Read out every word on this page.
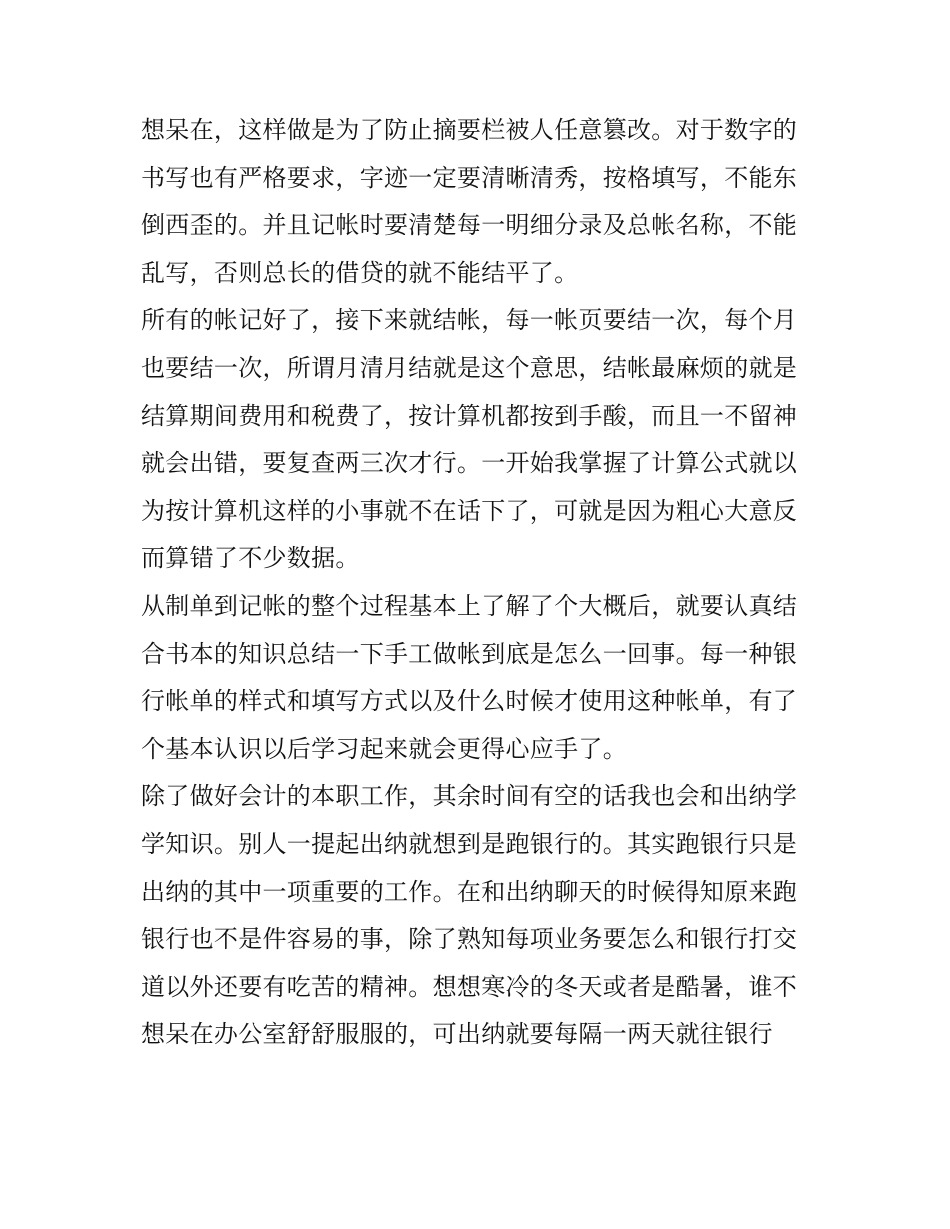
想呆在，这样做是为了防止摘要栏被人任意篡改。对于数字的
书写也有严格要求，字迹一定要清晰清秀，按格填写，不能东
倒西歪的。并且记帐时要清楚每一明细分录及总帐名称，不能
乱写，否则总长的借贷的就不能结平了。
所有的帐记好了，接下来就结帐，每一帐页要结一次，每个月
也要结一次，所谓月清月结就是这个意思，结帐最麻烦的就是
结算期间费用和税费了，按计算机都按到手酸，而且一不留神
就会出错，要复查两三次才行。一开始我掌握了计算公式就以
为按计算机这样的小事就不在话下了，可就是因为粗心大意反
而算错了不少数据。
从制单到记帐的整个过程基本上了解了个大概后，就要认真结
合书本的知识总结一下手工做帐到底是怎么一回事。每一种银
行帐单的样式和填写方式以及什么时候才使用这种帐单，有了
个基本认识以后学习起来就会更得心应手了。
除了做好会计的本职工作，其余时间有空的话我也会和出纳学
学知识。别人一提起出纳就想到是跑银行的。其实跑银行只是
出纳的其中一项重要的工作。在和出纳聊天的时候得知原来跑
银行也不是件容易的事，除了熟知每项业务要怎么和银行打交
道以外还要有吃苦的精神。想想寒冷的冬天或者是酷暑，谁不
想呆在办公室舒舒服服的，可出纳就要每隔一两天就往银行
